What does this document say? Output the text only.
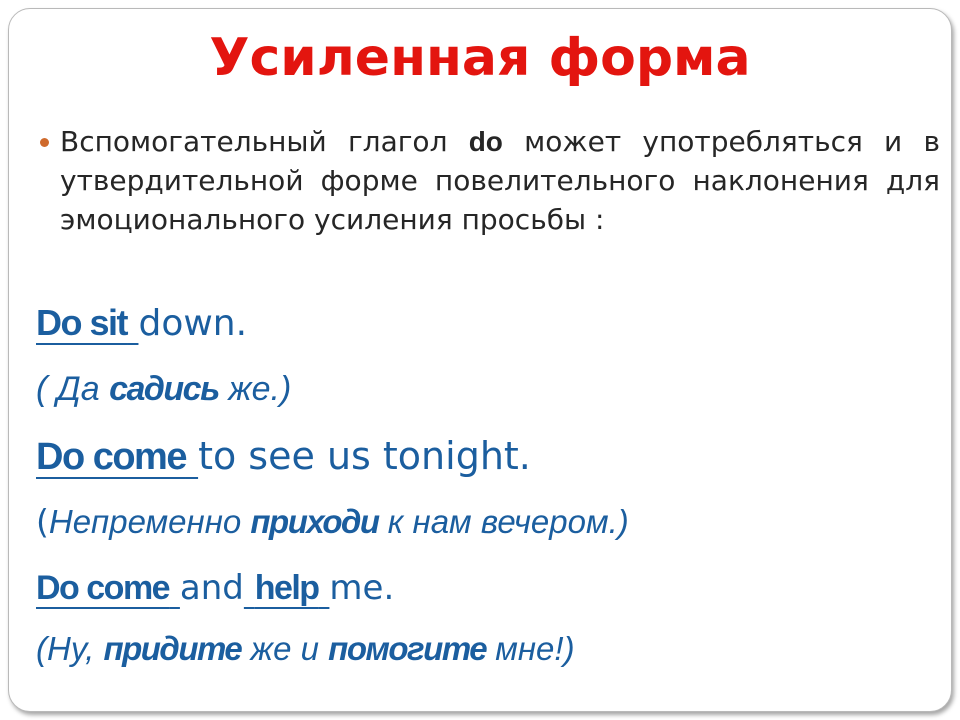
Усиленная форма
Вспомогательный глагол do может употребляться и в утвердительной форме повелительного наклонения для эмоционального усиления просьбы :
Do sit down.
( Да садись же.)
Do come to see us tonight.
(Непременно приходи к нам вечером.)
Do come and help me.
(Ну, придите же и помогите мне!)
